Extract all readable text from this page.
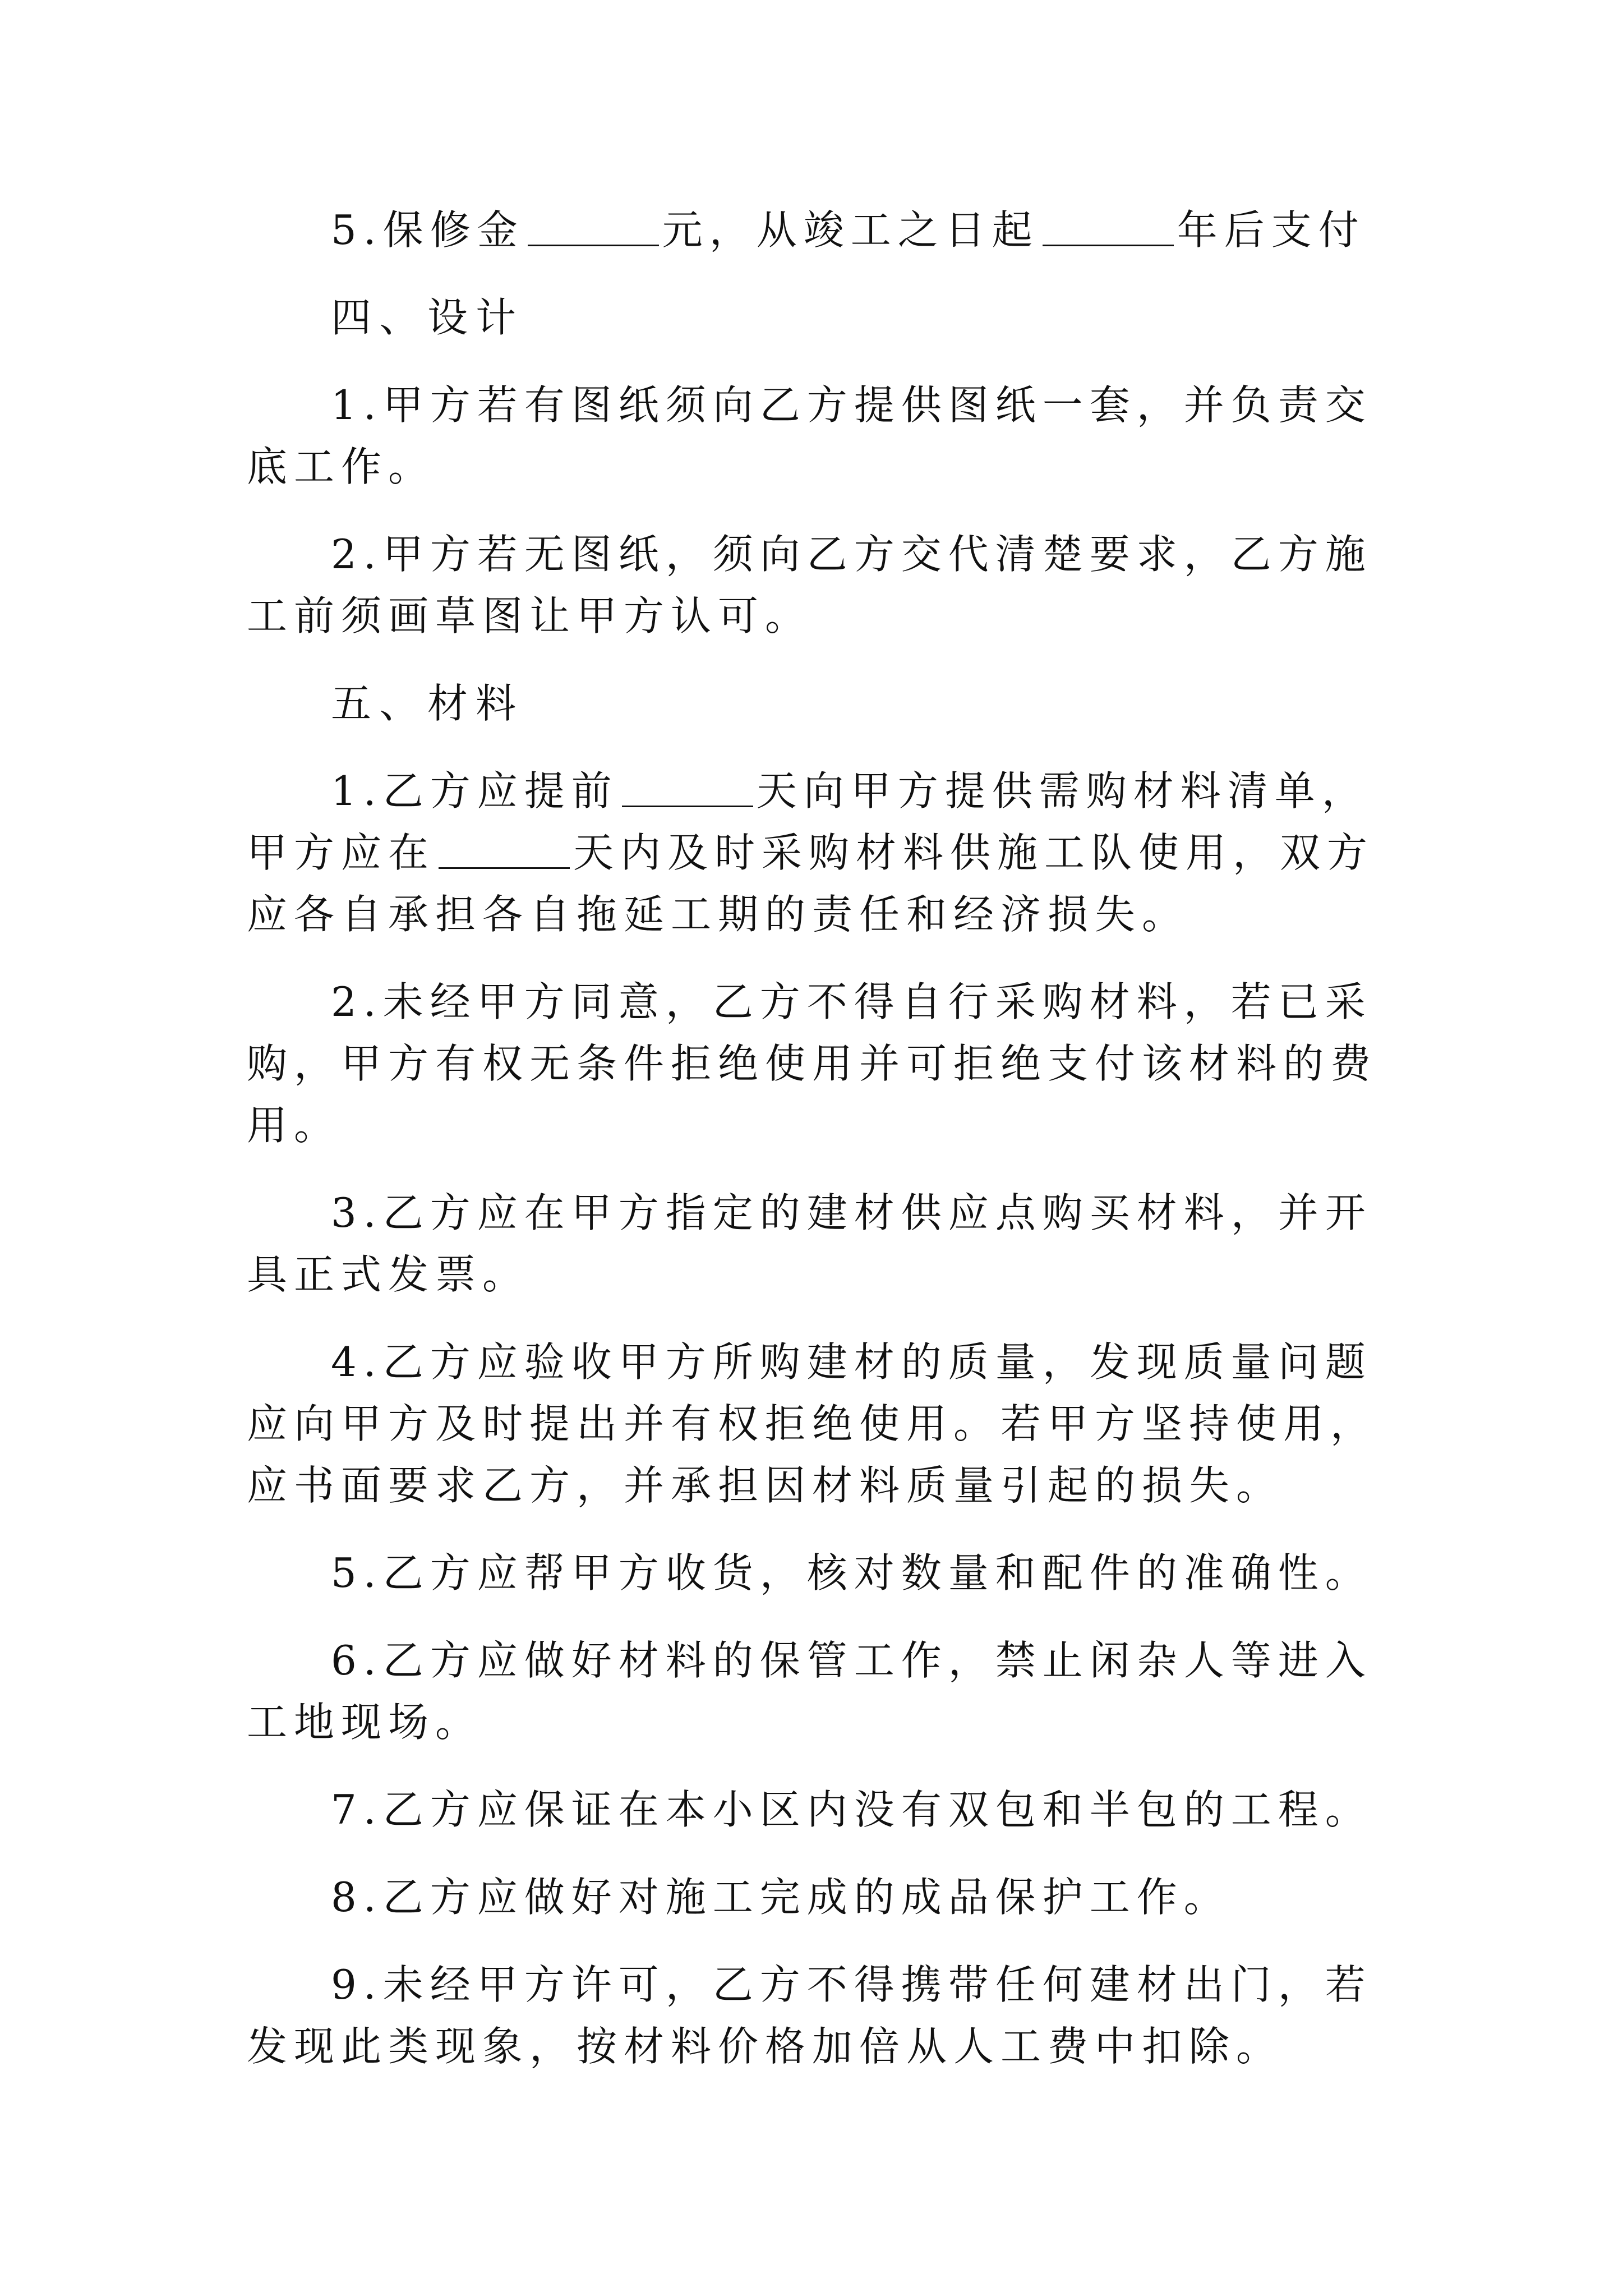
5.保修金	元，从竣工之日起	年后支付

四、设计

1.甲方若有图纸须向乙方提供图纸一套，并负责交底工作。

2.甲方若无图纸，须向乙方交代清楚要求，乙方施工前须画草图让甲方认可。

五、材料

1.乙方应提前	天向甲方提供需购材料清单，甲方应在	天内及时采购材料供施工队使用，双方应各自承担各自拖延工期的责任和经济损失。

2.未经甲方同意，乙方不得自行采购材料，若已采购，甲方有权无条件拒绝使用并可拒绝支付该材料的费用。

3.乙方应在甲方指定的建材供应点购买材料，并开具正式发票。

4.乙方应验收甲方所购建材的质量，发现质量问题应向甲方及时提出并有权拒绝使用。若甲方坚持使用，应书面要求乙方，并承担因材料质量引起的损失。

5.乙方应帮甲方收货，核对数量和配件的准确性。

6.乙方应做好材料的保管工作，禁止闲杂人等进入工地现场。

7.乙方应保证在本小区内没有双包和半包的工程。

8.乙方应做好对施工完成的成品保护工作。

9.未经甲方许可，乙方不得携带任何建材出门，若发现此类现象，按材料价格加倍从人工费中扣除。
